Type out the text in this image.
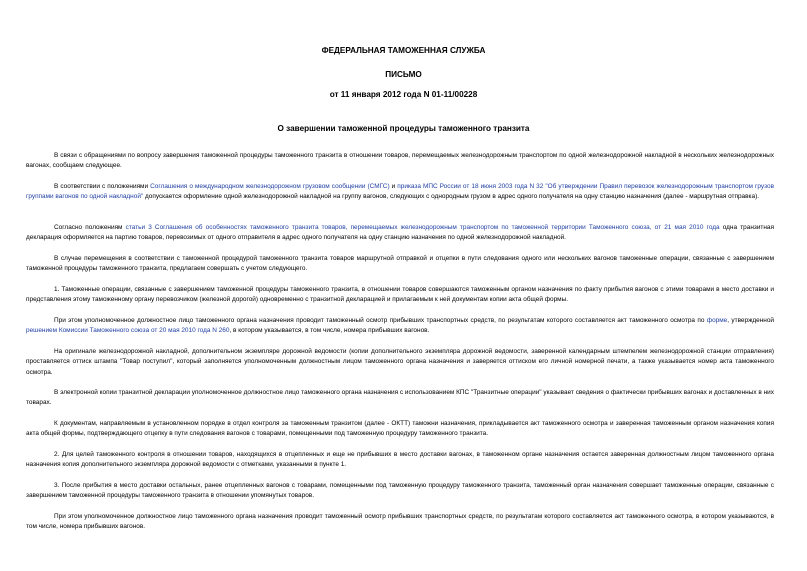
ФЕДЕРАЛЬНАЯ ТАМОЖЕННАЯ СЛУЖБА
ПИСЬМО
от 11 января 2012 года N 01-11/00228
О завершении таможенной процедуры таможенного транзита

В связи с обращениями по вопросу завершения таможенной процедуры таможенного транзита в отношении товаров, перемещаемых железнодорожным транспортом по одной железнодорожной накладной в нескольких железнодорожных вагонах, сообщаем следующее.

В соответствии с положениями Соглашения о международном железнодорожном грузовом сообщении (СМГС) и приказа МПС России от 18 июня 2003 года N 32 "Об утверждении Правил перевозок железнодорожным транспортом грузов группами вагонов по одной накладной" допускается оформление одной железнодорожной накладной на группу вагонов, следующих с однородным грузом в адрес одного получателя на одну станцию назначения (далее - маршрутная отправка).

Согласно положениям статьи 3 Соглашения об особенностях таможенного транзита товаров, перемещаемых железнодорожным транспортом по таможенной территории Таможенного союза, от 21 мая 2010 года одна транзитная декларация оформляется на партию товаров, перевозимых от одного отправителя в адрес одного получателя на одну станцию назначения по одной железнодорожной накладной.

В случае перемещения в соответствии с таможенной процедурой таможенного транзита товаров маршрутной отправкой и отцепки в пути следования одного или нескольких вагонов таможенные операции, связанные с завершением таможенной процедуры таможенного транзита, предлагаем совершать с учетом следующего.

1. Таможенные операции, связанные с завершением таможенной процедуры таможенного транзита, в отношении товаров совершаются таможенным органом назначения по факту прибытия вагонов с этими товарами в место доставки и представления этому таможенному органу перевозчиком (железной дорогой) одновременно с транзитной декларацией и прилагаемым к ней документам копии акта общей формы.

При этом уполномоченное должностное лицо таможенного органа назначения проводит таможенный осмотр прибывших транспортных средств, по результатам которого составляется акт таможенного осмотра по форме, утвержденной решением Комиссии Таможенного союза от 20 мая 2010 года N 260, в котором указывается, в том числе, номера прибывших вагонов.

На оригинале железнодорожной накладной, дополнительном экземпляре дорожной ведомости (копии дополнительного экземпляра дорожной ведомости, заверенной календарным штемпелем железнодорожной станции отправления) проставляется оттиск штампа "Товар поступил", который заполняется уполномоченным должностным лицом таможенного органа назначения и заверяется оттиском его личной номерной печати, а также указывается номер акта таможенного осмотра.

В электронной копии транзитной декларации уполномоченное должностное лицо таможенного органа назначения с использованием КПС "Транзитные операции" указывает сведения о фактически прибывших вагонах и доставленных в них товарах.

К документам, направляемым в установленном порядке в отдел контроля за таможенным транзитом (далее - ОКТТ) таможни назначения, прикладывается акт таможенного осмотра и заверенная таможенным органом назначения копия акта общей формы, подтверждающего отцепку в пути следования вагонов с товарами, помещенными под таможенную процедуру таможенного транзита.

2. Для целей таможенного контроля в отношении товаров, находящихся в отцепленных и еще не прибывших в место доставки вагонах, в таможенном органе назначения остается заверенная должностным лицом таможенного органа назначения копия дополнительного экземпляра дорожной ведомости с отметками, указанными в пункте 1.

3. После прибытия в место доставки остальных, ранее отцепленных вагонов с товарами, помещенными под таможенную процедуру таможенного транзита, таможенный орган назначения совершает таможенные операции, связанные с завершением таможенной процедуры таможенного транзита в отношении упомянутых товаров.

При этом уполномоченное должностное лицо таможенного органа назначения проводит таможенный осмотр прибывших транспортных средств, по результатам которого составляется акт таможенного осмотра, в котором указываются, в том числе, номера прибывших вагонов.
